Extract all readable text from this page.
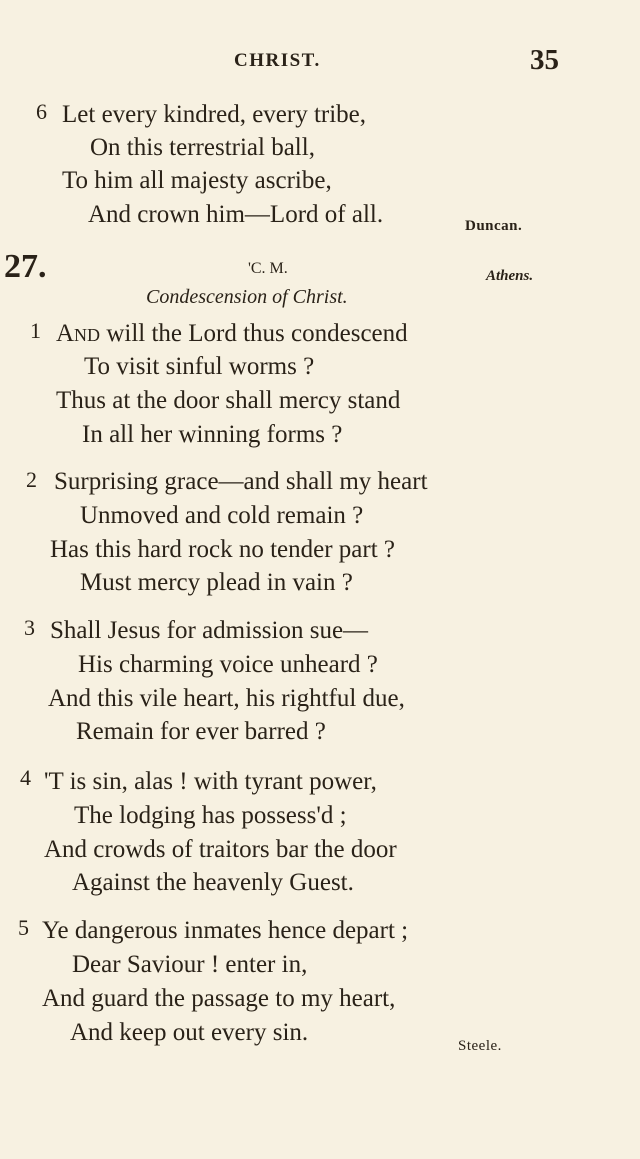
CHRIST.	35
6 Let every kindred, every tribe,
On this terrestrial ball,
To him all majesty ascribe,
And crown him—Lord of all.	Duncan.
27.	'C. M.	Athens.
Condescension of Christ.
1 And will the Lord thus condescend
To visit sinful worms ?
Thus at the door shall mercy stand
In all her winning forms ?
2 Surprising grace—and shall my heart
Unmoved and cold remain ?
Has this hard rock no tender part ?
Must mercy plead in vain ?
3 Shall Jesus for admission sue—
His charming voice unheard ?
And this vile heart, his rightful due,
Remain for ever barred ?
4 'T is sin, alas ! with tyrant power,
The lodging has possess'd ;
And crowds of traitors bar the door
Against the heavenly Guest.
5 Ye dangerous inmates hence depart ;
Dear Saviour ! enter in,
And guard the passage to my heart,
And keep out every sin.	Steele.
